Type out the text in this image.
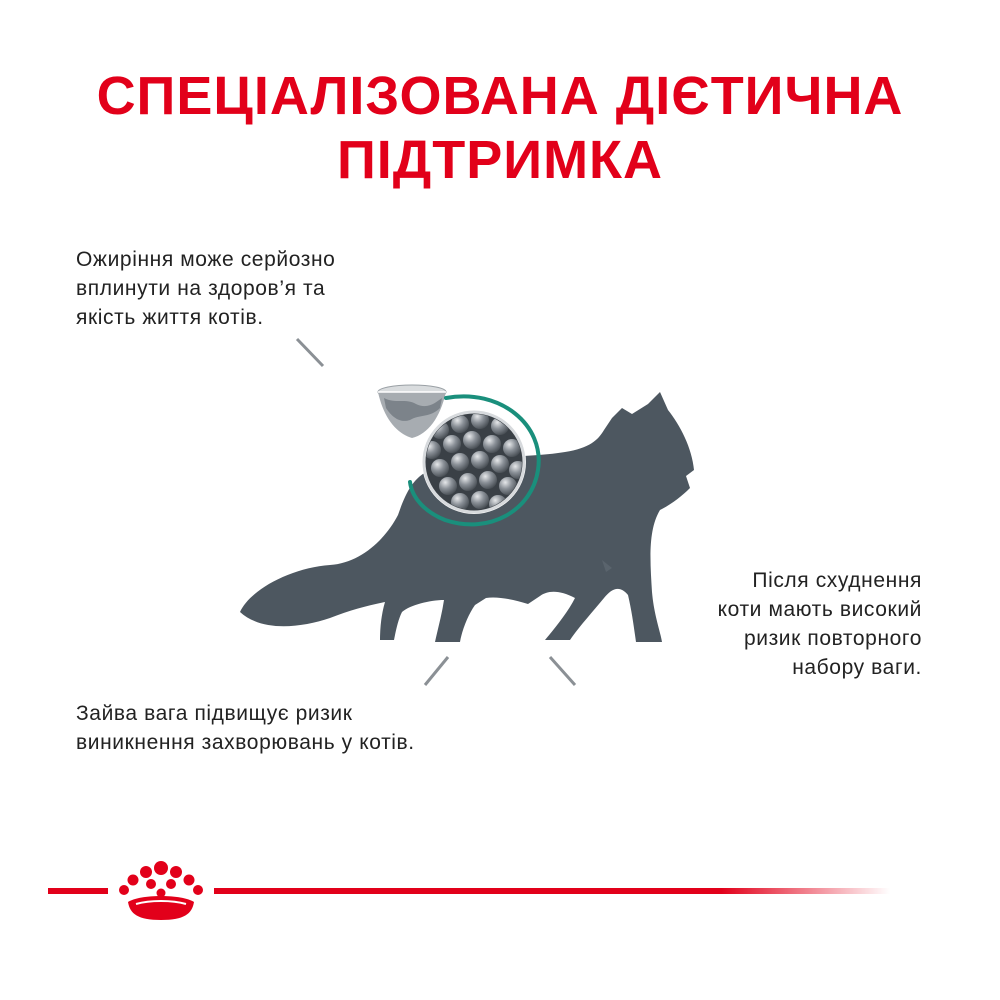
СПЕЦІАЛІЗОВАНА ДІЄТИЧНА
ПІДТРИМКА
Ожиріння може серйозно
вплинути на здоров’я та
якість життя котів.
Після схуднення
коти мають високий
ризик повторного
набору ваги.
Зайва вага підвищує ризик
виникнення захворювань у котів.
